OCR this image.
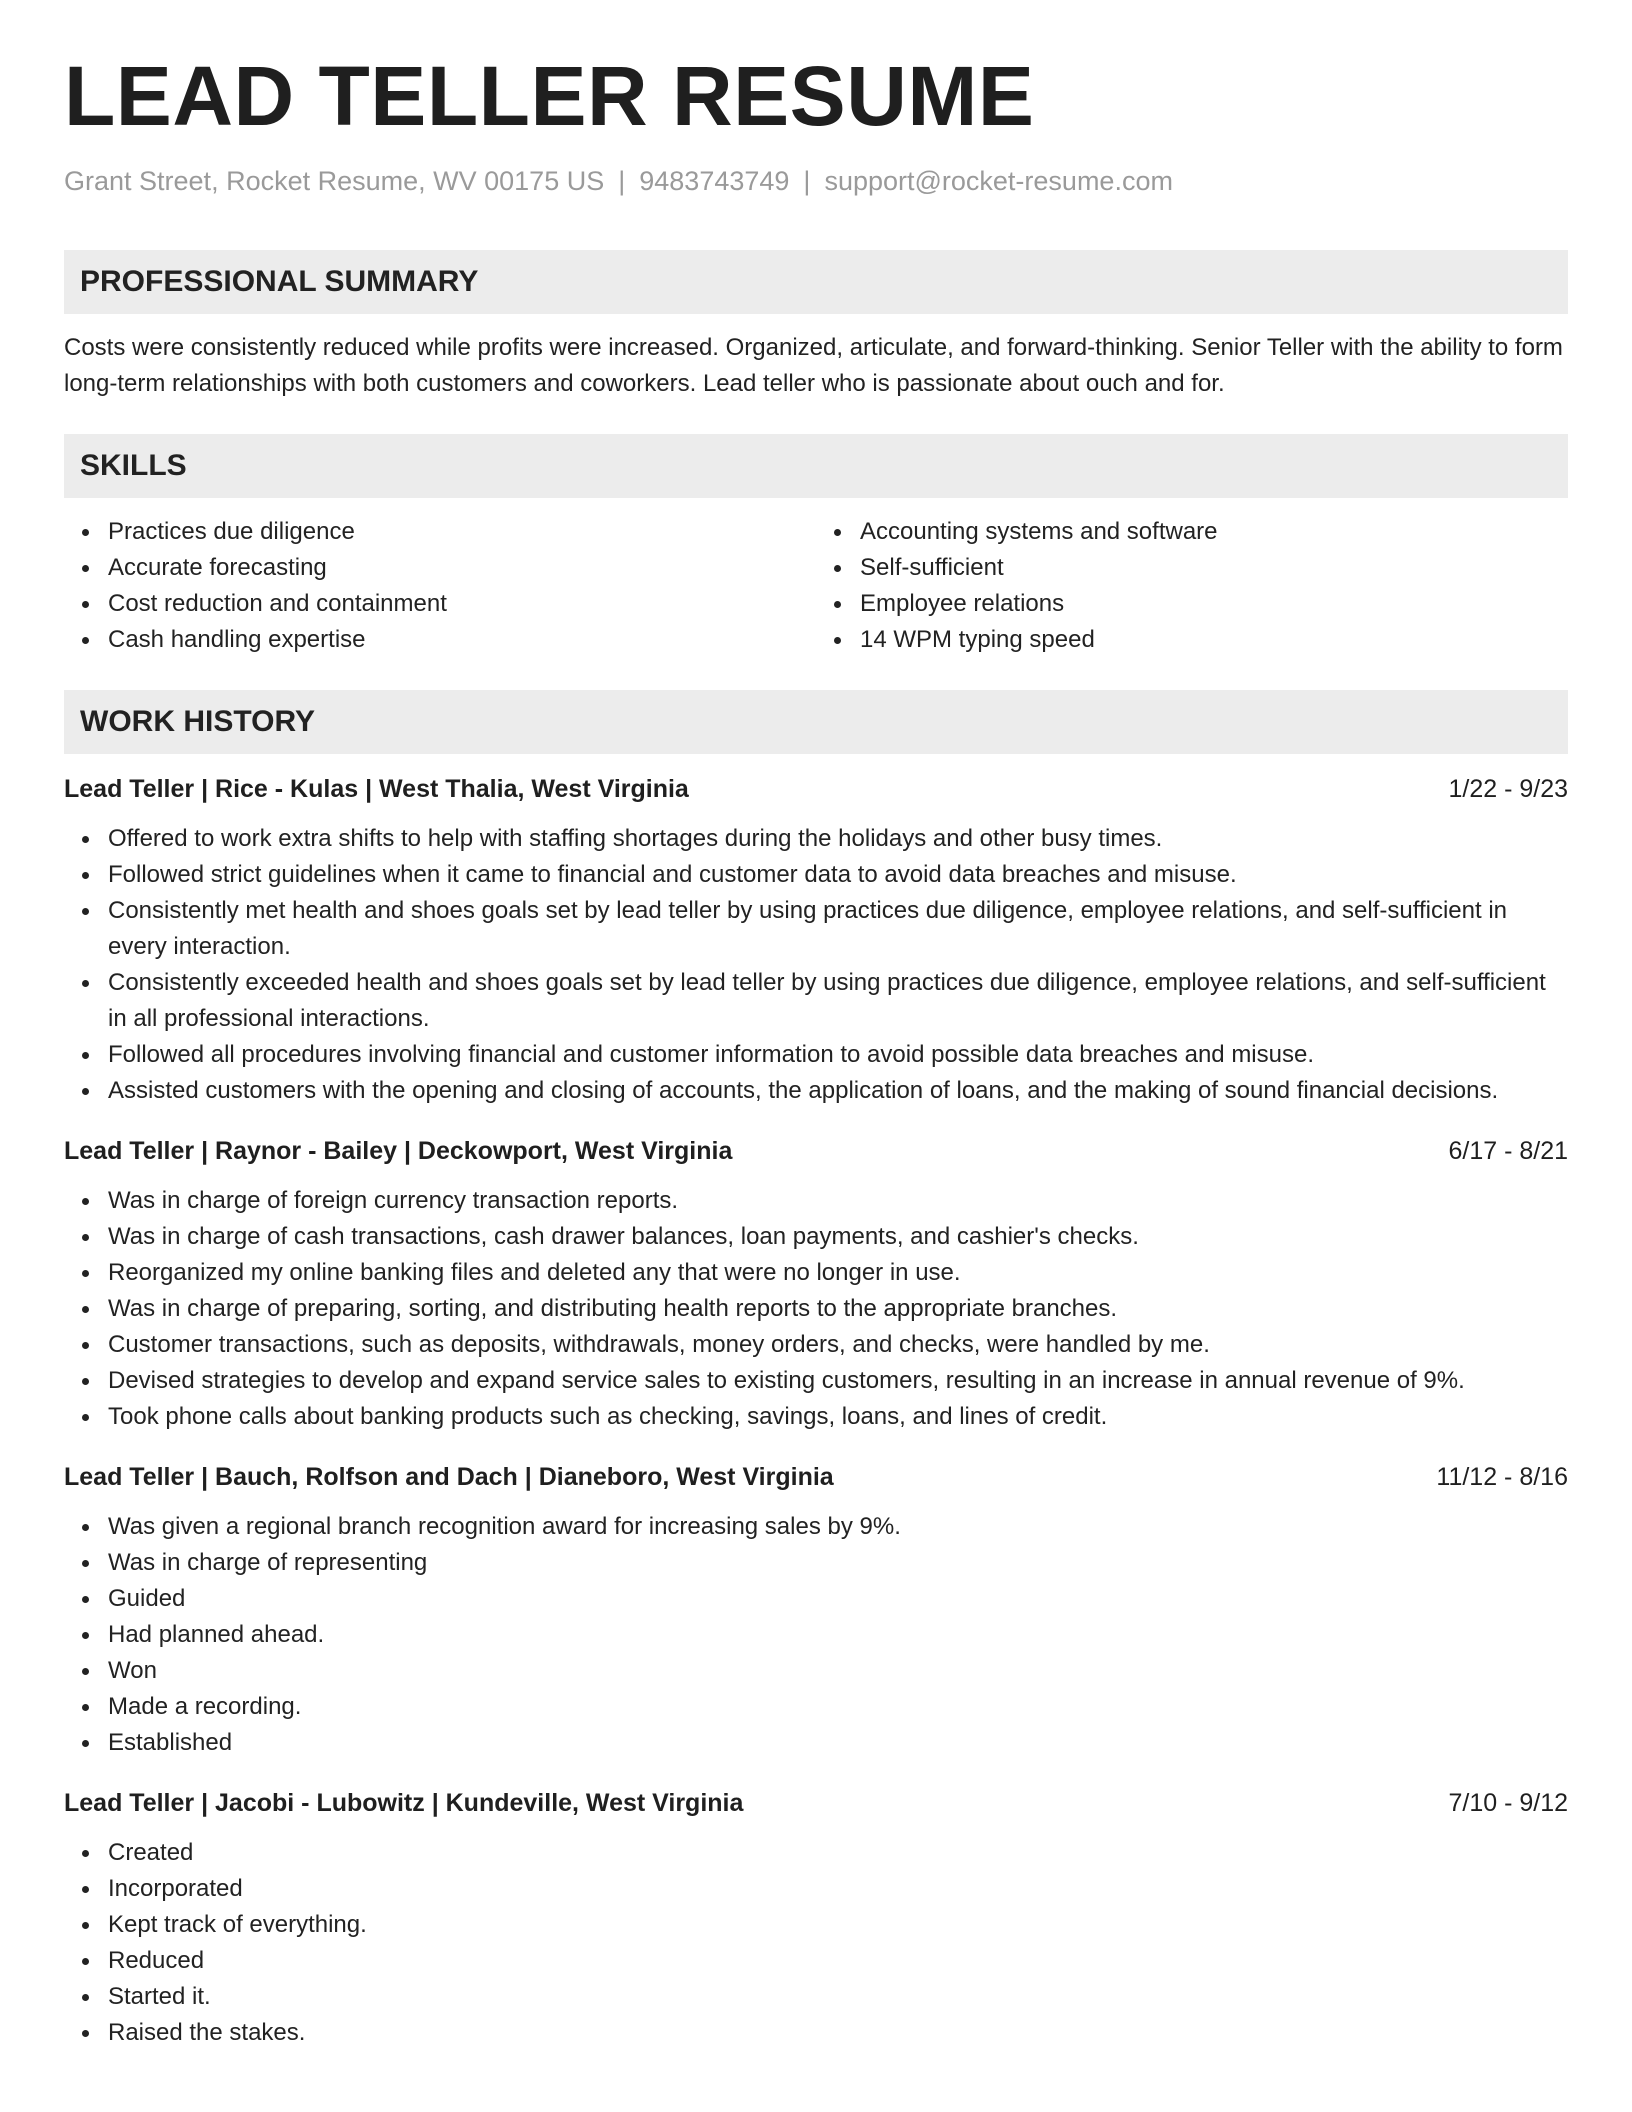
LEAD TELLER RESUME
Grant Street, Rocket Resume, WV 00175 US | 9483743749 | support@rocket-resume.com
PROFESSIONAL SUMMARY
Costs were consistently reduced while profits were increased. Organized, articulate, and forward-thinking. Senior Teller with the ability to form long-term relationships with both customers and coworkers. Lead teller who is passionate about ouch and for.
SKILLS
Practices due diligence
Accurate forecasting
Cost reduction and containment
Cash handling expertise
Accounting systems and software
Self-sufficient
Employee relations
14 WPM typing speed
WORK HISTORY
Lead Teller | Rice - Kulas | West Thalia, West Virginia	1/22 - 9/23
Offered to work extra shifts to help with staffing shortages during the holidays and other busy times.
Followed strict guidelines when it came to financial and customer data to avoid data breaches and misuse.
Consistently met health and shoes goals set by lead teller by using practices due diligence, employee relations, and self-sufficient in every interaction.
Consistently exceeded health and shoes goals set by lead teller by using practices due diligence, employee relations, and self-sufficient in all professional interactions.
Followed all procedures involving financial and customer information to avoid possible data breaches and misuse.
Assisted customers with the opening and closing of accounts, the application of loans, and the making of sound financial decisions.
Lead Teller | Raynor - Bailey | Deckowport, West Virginia	6/17 - 8/21
Was in charge of foreign currency transaction reports.
Was in charge of cash transactions, cash drawer balances, loan payments, and cashier's checks.
Reorganized my online banking files and deleted any that were no longer in use.
Was in charge of preparing, sorting, and distributing health reports to the appropriate branches.
Customer transactions, such as deposits, withdrawals, money orders, and checks, were handled by me.
Devised strategies to develop and expand service sales to existing customers, resulting in an increase in annual revenue of 9%.
Took phone calls about banking products such as checking, savings, loans, and lines of credit.
Lead Teller | Bauch, Rolfson and Dach | Dianeboro, West Virginia	11/12 - 8/16
Was given a regional branch recognition award for increasing sales by 9%.
Was in charge of representing
Guided
Had planned ahead.
Won
Made a recording.
Established
Lead Teller | Jacobi - Lubowitz | Kundeville, West Virginia	7/10 - 9/12
Created
Incorporated
Kept track of everything.
Reduced
Started it.
Raised the stakes.
